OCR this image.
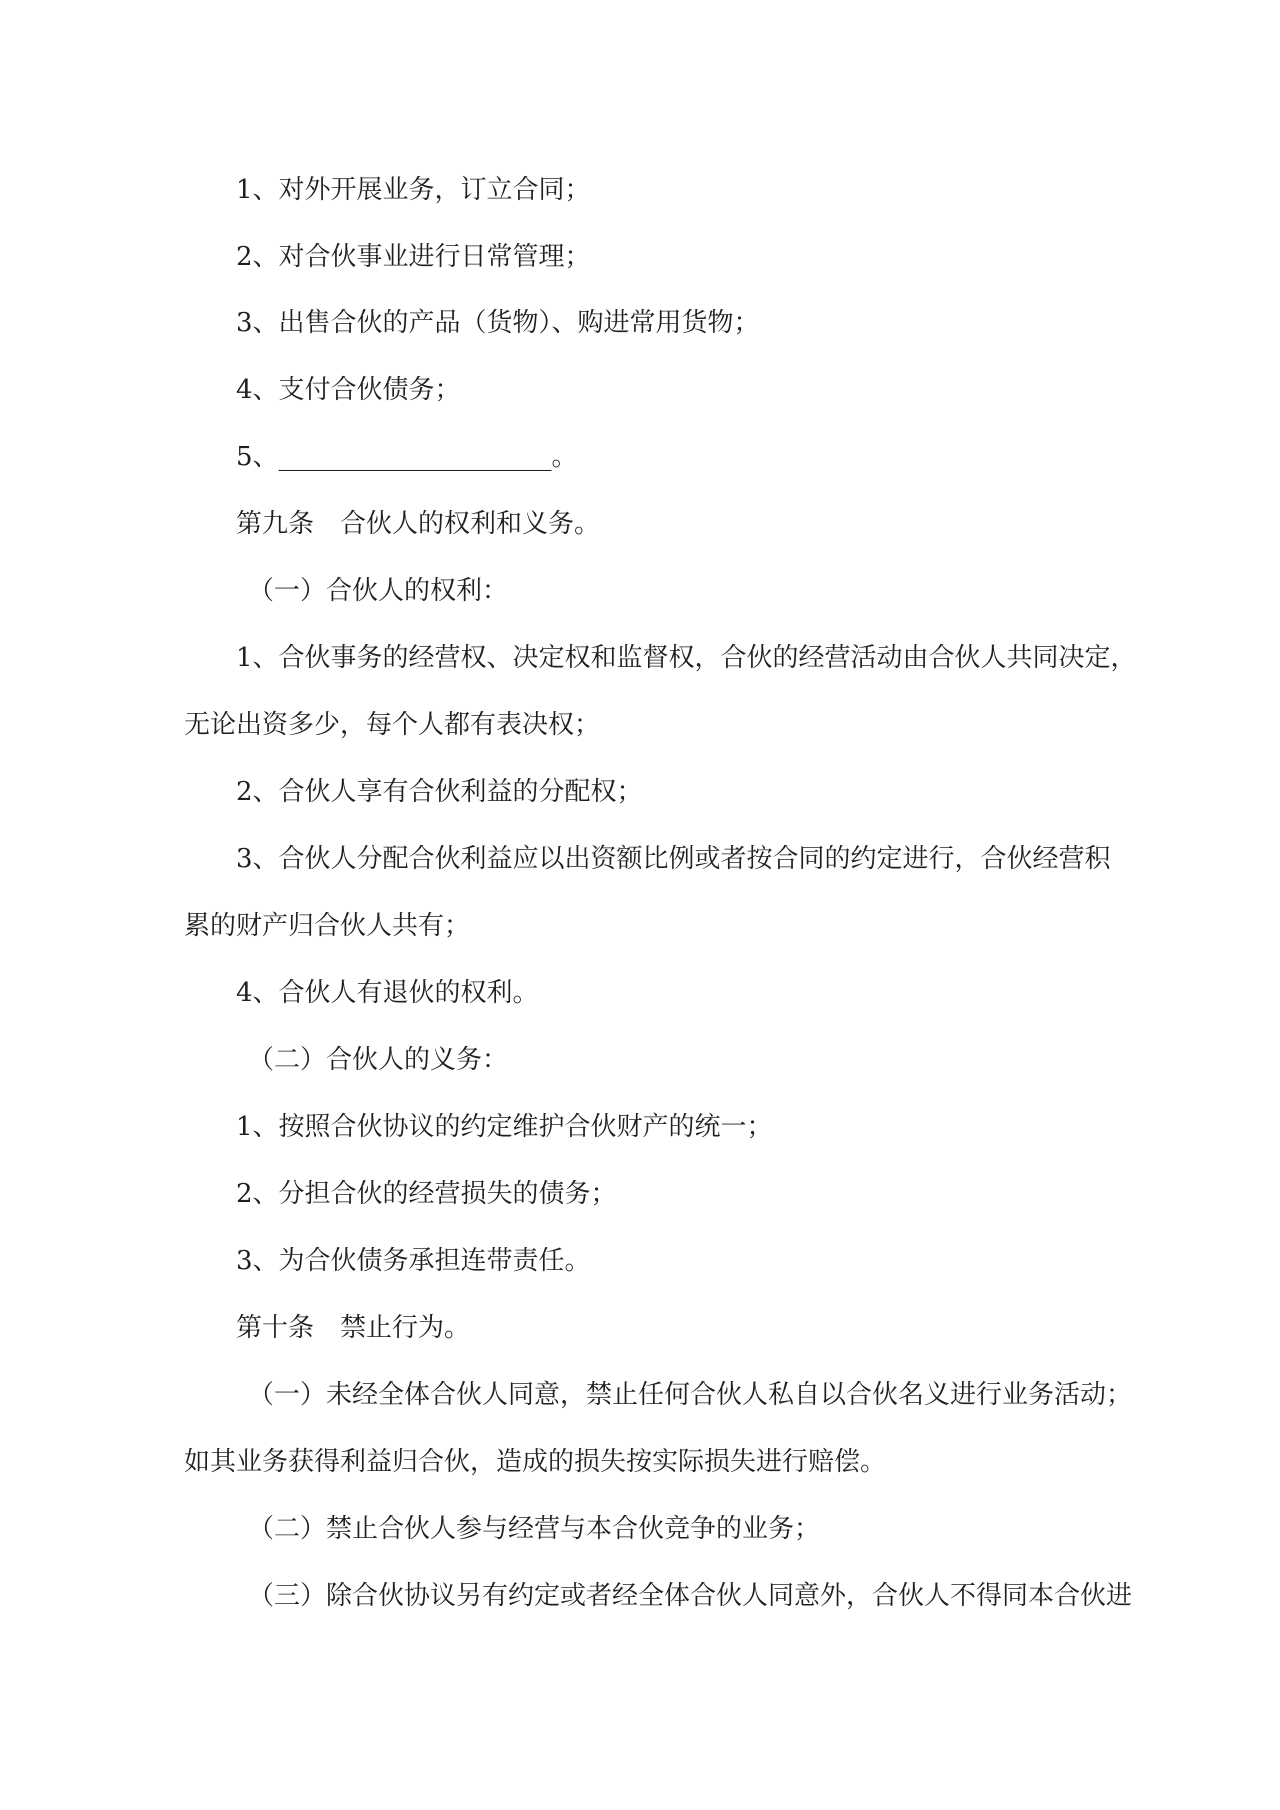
1、对外开展业务，订立合同；

2、对合伙事业进行日常管理；

3、出售合伙的产品（货物）、购进常用货物；

4、支付合伙债务；

5、_____________________。

第九条　合伙人的权利和义务。

（一）合伙人的权利：

1、合伙事务的经营权、决定权和监督权，合伙的经营活动由合伙人共同决定，

无论出资多少，每个人都有表决权；

2、合伙人享有合伙利益的分配权；

3、合伙人分配合伙利益应以出资额比例或者按合同的约定进行，合伙经营积

累的财产归合伙人共有；

4、合伙人有退伙的权利。

（二）合伙人的义务：

1、按照合伙协议的约定维护合伙财产的统一；

2、分担合伙的经营损失的债务；

3、为合伙债务承担连带责任。

第十条　禁止行为。

（一）未经全体合伙人同意，禁止任何合伙人私自以合伙名义进行业务活动；

如其业务获得利益归合伙，造成的损失按实际损失进行赔偿。

（二）禁止合伙人参与经营与本合伙竞争的业务；

（三）除合伙协议另有约定或者经全体合伙人同意外，合伙人不得同本合伙进
